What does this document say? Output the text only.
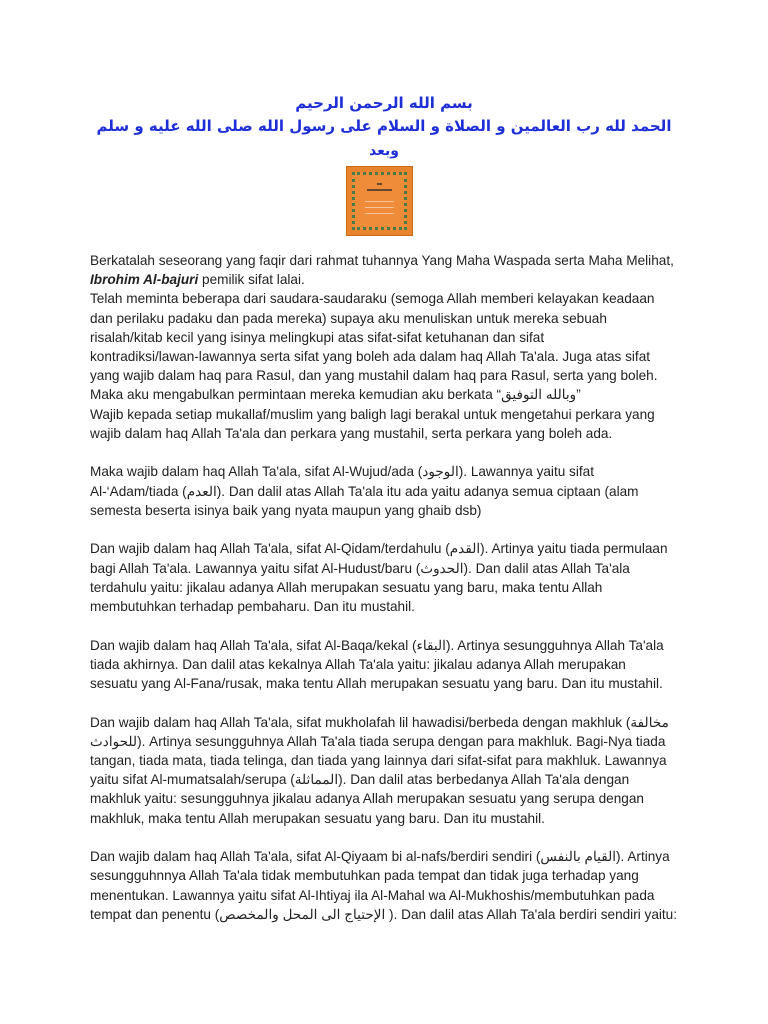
بسم الله الرحمن الرحيم
الحمد لله رب العالمين و الصلاة و السلام على رسول الله صلى الله عليه و سلم
وبعد
Berkatalah seseorang yang faqir dari rahmat tuhannya Yang Maha Waspada serta Maha Melihat,
Ibrohim Al-bajuri pemilik sifat lalai.
Telah meminta beberapa dari saudara-saudaraku (semoga Allah memberi kelayakan keadaan
dan perilaku padaku dan pada mereka) supaya aku menuliskan untuk mereka sebuah
risalah/kitab kecil yang isinya melingkupi atas sifat-sifat ketuhanan dan sifat
kontradiksi/lawan-lawannya serta sifat yang boleh ada dalam haq Allah Ta'ala. Juga atas sifat
yang wajib dalam haq para Rasul, dan yang mustahil dalam haq para Rasul, serta yang boleh.
Maka aku mengabulkan permintaan mereka kemudian aku berkata “وبالله التوفيق”
Wajib kepada setiap mukallaf/muslim yang baligh lagi berakal untuk mengetahui perkara yang
wajib dalam haq Allah Ta'ala dan perkara yang mustahil, serta perkara yang boleh ada.
Maka wajib dalam haq Allah Ta'ala, sifat Al-Wujud/ada (الوجود). Lawannya yaitu sifat
Al-‘Adam/tiada (العدم). Dan dalil atas Allah Ta'ala itu ada yaitu adanya semua ciptaan (alam
semesta beserta isinya baik yang nyata maupun yang ghaib dsb)
Dan wajib dalam haq Allah Ta'ala, sifat Al-Qidam/terdahulu (القدم). Artinya yaitu tiada permulaan
bagi Allah Ta'ala. Lawannya yaitu sifat Al-Hudust/baru (الحدوث). Dan dalil atas Allah Ta'ala
terdahulu yaitu: jikalau adanya Allah merupakan sesuatu yang baru, maka tentu Allah
membutuhkan terhadap pembaharu. Dan itu mustahil.
Dan wajib dalam haq Allah Ta'ala, sifat Al-Baqa/kekal (البقاء). Artinya sesungguhnya Allah Ta'ala
tiada akhirnya. Dan dalil atas kekalnya Allah Ta'ala yaitu: jikalau adanya Allah merupakan
sesuatu yang Al-Fana/rusak, maka tentu Allah merupakan sesuatu yang baru. Dan itu mustahil.
Dan wajib dalam haq Allah Ta'ala, sifat mukholafah lil hawadisi/berbeda dengan makhluk (مخالفة
للحوادث). Artinya sesungguhnya Allah Ta'ala tiada serupa dengan para makhluk. Bagi-Nya tiada
tangan, tiada mata, tiada telinga, dan tiada yang lainnya dari sifat-sifat para makhluk. Lawannya
yaitu sifat Al-mumatsalah/serupa (المماثلة). Dan dalil atas berbedanya Allah Ta'ala dengan
makhluk yaitu: sesungguhnya jikalau adanya Allah merupakan sesuatu yang serupa dengan
makhluk, maka tentu Allah merupakan sesuatu yang baru. Dan itu mustahil.
Dan wajib dalam haq Allah Ta'ala, sifat Al-Qiyaam bi al-nafs/berdiri sendiri (القيام بالنفس). Artinya
sesungguhnnya Allah Ta'ala tidak membutuhkan pada tempat dan tidak juga terhadap yang
menentukan. Lawannya yaitu sifat Al-Ihtiyaj ila Al-Mahal wa Al-Mukhoshis/membutuhkan pada
tempat dan penentu (الإحتياج الى المحل والمخصص ). Dan dalil atas Allah Ta'ala berdiri sendiri yaitu:
